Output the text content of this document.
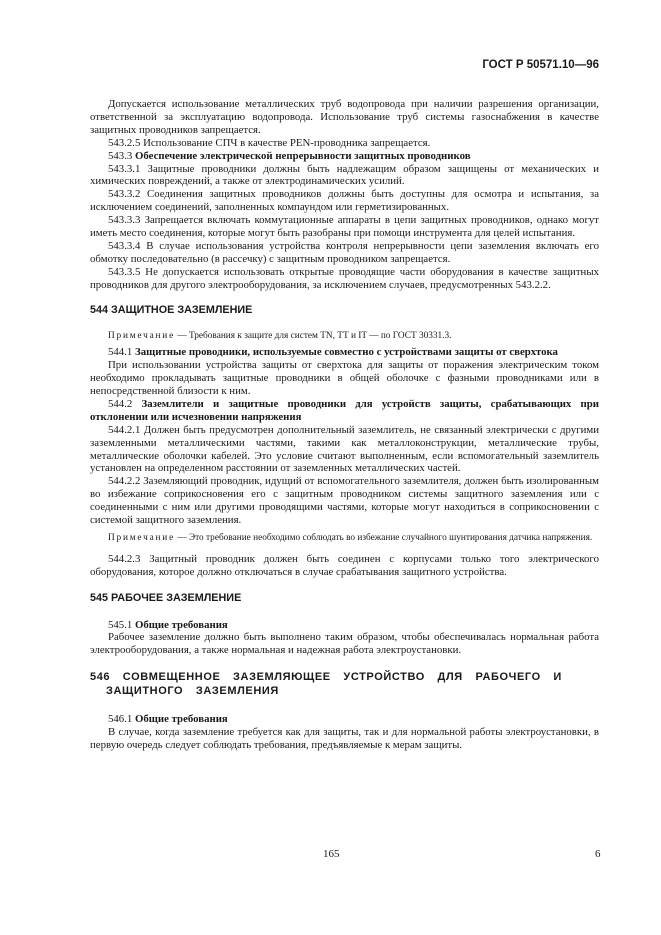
ГОСТ Р 50571.10—96

Допускается использование металлических труб водопровода при наличии разрешения организации, ответственной за эксплуатацию водопровода. Использование труб системы газоснабжения в качестве защитных проводников запрещается.

543.2.5 Использование СПЧ в качестве PEN-проводника запрещается.

543.3 Обеспечение электрической непрерывности защитных проводников

543.3.1 Защитные проводники должны быть надлежащим образом защищены от механических и химических повреждений, а также от электродинамических усилий.

543.3.2 Соединения защитных проводников должны быть доступны для осмотра и испытания, за исключением соединений, заполненных компаундом или герметизированных.

543.3.3 Запрещается включать коммутационные аппараты в цепи защитных проводников, однако могут иметь место соединения, которые могут быть разобраны при помощи инструмента для целей испытания.

543.3.4 В случае использования устройства контроля непрерывности цепи заземления включать его обмотку последовательно (в рассечку) с защитным проводником запрещается.

543.3.5 Не допускается использовать открытые проводящие части оборудования в качестве защитных проводников для другого электрооборудования, за исключением случаев, предусмотренных 543.2.2.

544 ЗАЩИТНОЕ ЗАЗЕМЛЕНИЕ

Примечание — Требования к защите для систем TN, ТТ и IT — по ГОСТ 30331.3.

544.1 Защитные проводники, используемые совместно с устройствами защиты от сверхтока

При использовании устройства защиты от сверхтока для защиты от поражения электрическим током необходимо прокладывать защитные проводники в общей оболочке с фазными проводниками или в непосредственной близости к ним.

544.2 Заземлители и защитные проводники для устройств защиты, срабатывающих при отклонении или исчезновении напряжения

544.2.1 Должен быть предусмотрен дополнительный заземлитель, не связанный электрически с другими заземленными металлическими частями, такими как металлоконструкции, металлические трубы, металлические оболочки кабелей. Это условие считают выполненным, если вспомогательный заземлитель установлен на определенном расстоянии от заземленных металлических частей.

544.2.2 Заземляющий проводник, идущий от вспомогательного заземлителя, должен быть изолированным во избежание соприкосновения его с защитным проводником системы защитного заземления или с соединенными с ним или другими проводящими частями, которые могут находиться в соприкосновении с системой защитного заземления.

Примечание — Это требование необходимо соблюдать во избежание случайного шунтирования датчика напряжения.

544.2.3 Защитный проводник должен быть соединен с корпусами только того электрического оборудования, которое должно отключаться в случае срабатывания защитного устройства.

545 РАБОЧЕЕ ЗАЗЕМЛЕНИЕ

545.1 Общие требования

Рабочее заземление должно быть выполнено таким образом, чтобы обеспечивалась нормальная работа электрооборудования, а также нормальная и надежная работа электроустановки.

546 СОВМЕЩЕННОЕ ЗАЗЕМЛЯЮЩЕЕ УСТРОЙСТВО ДЛЯ РАБОЧЕГО И ЗАЩИТНОГО ЗАЗЕМЛЕНИЯ

546.1 Общие требования

В случае, когда заземление требуется как для защиты, так и для нормальной работы электроустановки, в первую очередь следует соблюдать требования, предъявляемые к мерам защиты.

165	6
